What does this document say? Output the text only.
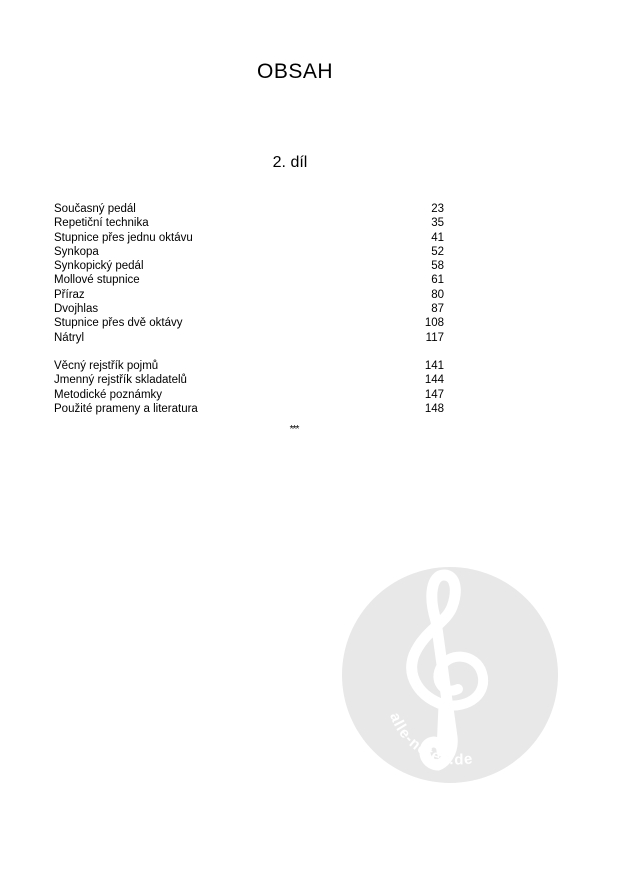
OBSAH
2. díl
Současný pedál	23
Repetiční technika	35
Stupnice přes jednu oktávu	41
Synkopa	52
Synkopický pedál	58
Mollové stupnice	61
Příraz	80
Dvojhlas	87
Stupnice přes dvě oktávy	108
Nátryl	117
Věcný rejstřík pojmů	141
Jmenný rejstřík skladatelů	144
Metodické poznámky	147
Použité prameny a literatura	148
***
alle-noten.de
